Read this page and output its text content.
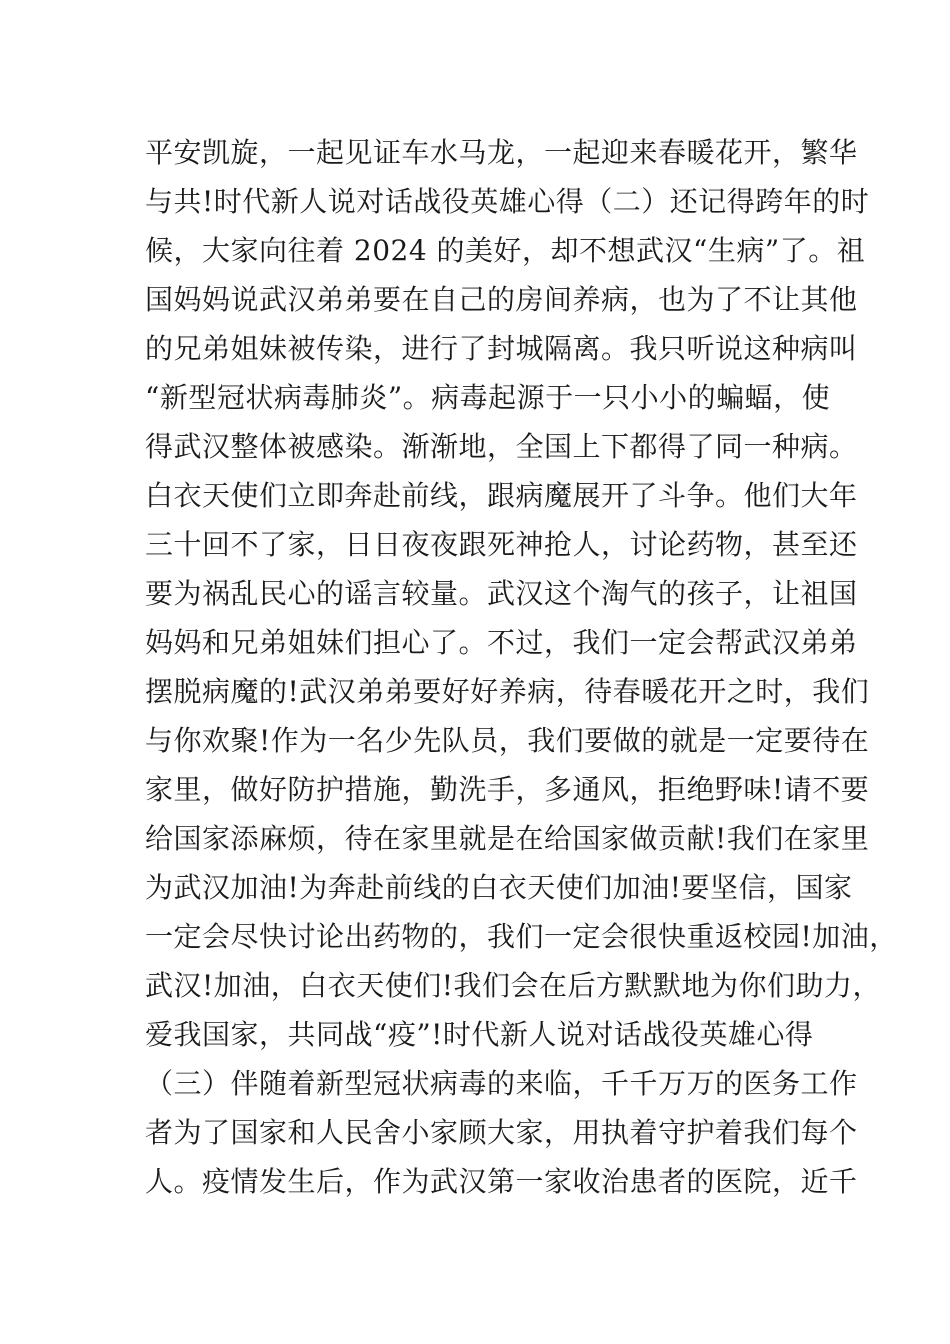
平安凯旋，一起见证车水马龙，一起迎来春暖花开，繁华
与共!时代新人说对话战役英雄心得（二）还记得跨年的时
候，大家向往着 2024 的美好，却不想武汉“生病”了。祖
国妈妈说武汉弟弟要在自己的房间养病，也为了不让其他
的兄弟姐妹被传染，进行了封城隔离。我只听说这种病叫
“新型冠状病毒肺炎”。病毒起源于一只小小的蝙蝠，使
得武汉整体被感染。渐渐地，全国上下都得了同一种病。
白衣天使们立即奔赴前线，跟病魔展开了斗争。他们大年
三十回不了家，日日夜夜跟死神抢人，讨论药物，甚至还
要为祸乱民心的谣言较量。武汉这个淘气的孩子，让祖国
妈妈和兄弟姐妹们担心了。不过，我们一定会帮武汉弟弟
摆脱病魔的!武汉弟弟要好好养病，待春暖花开之时，我们
与你欢聚!作为一名少先队员，我们要做的就是一定要待在
家里，做好防护措施，勤洗手，多通风，拒绝野味!请不要
给国家添麻烦，待在家里就是在给国家做贡献!我们在家里
为武汉加油!为奔赴前线的白衣天使们加油!要坚信，国家
一定会尽快讨论出药物的，我们一定会很快重返校园!加油，
武汉!加油，白衣天使们!我们会在后方默默地为你们助力，
爱我国家，共同战“疫”!时代新人说对话战役英雄心得
（三）伴随着新型冠状病毒的来临，千千万万的医务工作
者为了国家和人民舍小家顾大家，用执着守护着我们每个
人。疫情发生后，作为武汉第一家收治患者的医院，近千
